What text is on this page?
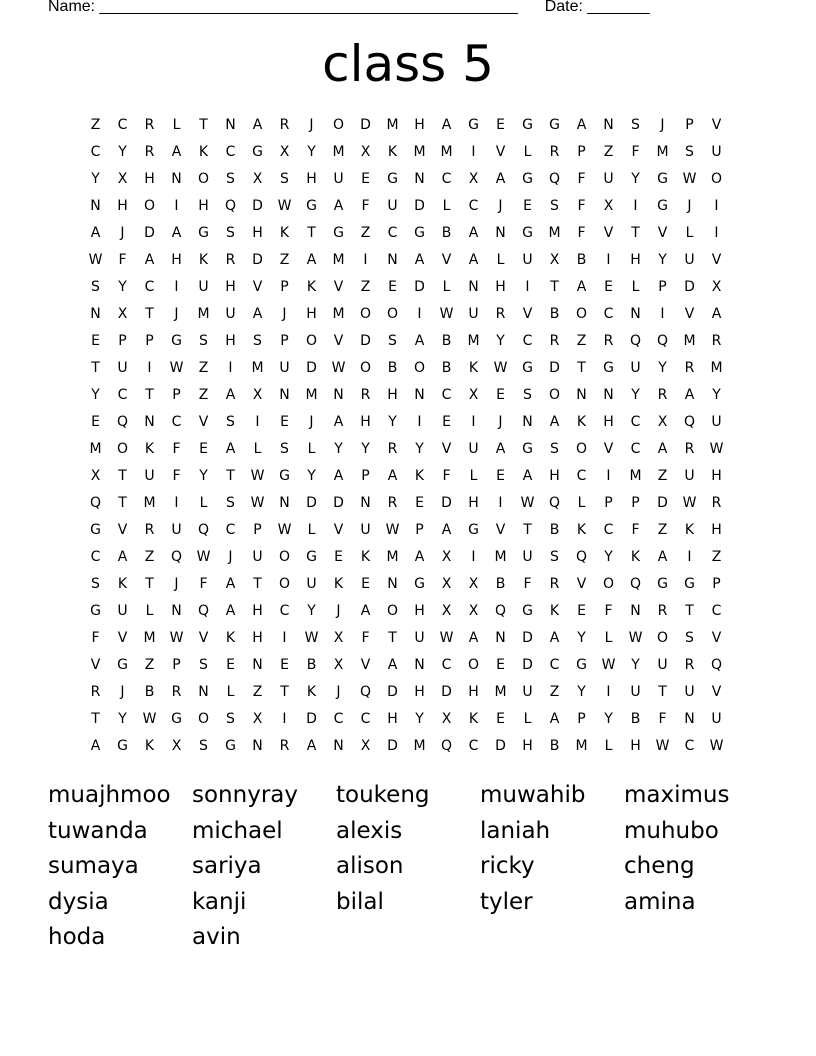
Name: _______________________________________________ Date: _______
class 5
Z	C	R	L	T	N	A	R	J	O	D	M	H	A	G	E	G	G	A	N	S	J	P	V
C	Y	R	A	K	C	G	X	Y	M	X	K	M	M	I	V	L	R	P	Z	F	M	S	U
Y	X	H	N	O	S	X	S	H	U	E	G	N	C	X	A	G	Q	F	U	Y	G	W	O
N	H	O	I	H	Q	D	W	G	A	F	U	D	L	C	J	E	S	F	X	I	G	J	I
A	J	D	A	G	S	H	K	T	G	Z	C	G	B	A	N	G	M	F	V	T	V	L	I
W	F	A	H	K	R	D	Z	A	M	I	N	A	V	A	L	U	X	B	I	H	Y	U	V
S	Y	C	I	U	H	V	P	K	V	Z	E	D	L	N	H	I	T	A	E	L	P	D	X
N	X	T	J	M	U	A	J	H	M	O	O	I	W	U	R	V	B	O	C	N	I	V	A
E	P	P	G	S	H	S	P	O	V	D	S	A	B	M	Y	C	R	Z	R	Q	Q	M	R
T	U	I	W	Z	I	M	U	D	W	O	B	O	B	K	W	G	D	T	G	U	Y	R	M
Y	C	T	P	Z	A	X	N	M	N	R	H	N	C	X	E	S	O	N	N	Y	R	A	Y
E	Q	N	C	V	S	I	E	J	A	H	Y	I	E	I	J	N	A	K	H	C	X	Q	U
M	O	K	F	E	A	L	S	L	Y	Y	R	Y	V	U	A	G	S	O	V	C	A	R	W
X	T	U	F	Y	T	W	G	Y	A	P	A	K	F	L	E	A	H	C	I	M	Z	U	H
Q	T	M	I	L	S	W	N	D	D	N	R	E	D	H	I	W	Q	L	P	P	D	W	R
G	V	R	U	Q	C	P	W	L	V	U	W	P	A	G	V	T	B	K	C	F	Z	K	H
C	A	Z	Q	W	J	U	O	G	E	K	M	A	X	I	M	U	S	Q	Y	K	A	I	Z
S	K	T	J	F	A	T	O	U	K	E	N	G	X	X	B	F	R	V	O	Q	G	G	P
G	U	L	N	Q	A	H	C	Y	J	A	O	H	X	X	Q	G	K	E	F	N	R	T	C
F	V	M	W	V	K	H	I	W	X	F	T	U	W	A	N	D	A	Y	L	W	O	S	V
V	G	Z	P	S	E	N	E	B	X	V	A	N	C	O	E	D	C	G	W	Y	U	R	Q
R	J	B	R	N	L	Z	T	K	J	Q	D	H	D	H	M	U	Z	Y	I	U	T	U	V
T	Y	W	G	O	S	X	I	D	C	C	H	Y	X	K	E	L	A	P	Y	B	F	N	U
A	G	K	X	S	G	N	R	A	N	X	D	M	Q	C	D	H	B	M	L	H	W	C	W
muajhmoo sonnyray	toukeng	muwahib	maximus
tuwanda	michael	alexis	laniah	muhubo
sumaya	sariya	alison	ricky	cheng
dysia	kanji	bilal	tyler	amina
hoda	avin
